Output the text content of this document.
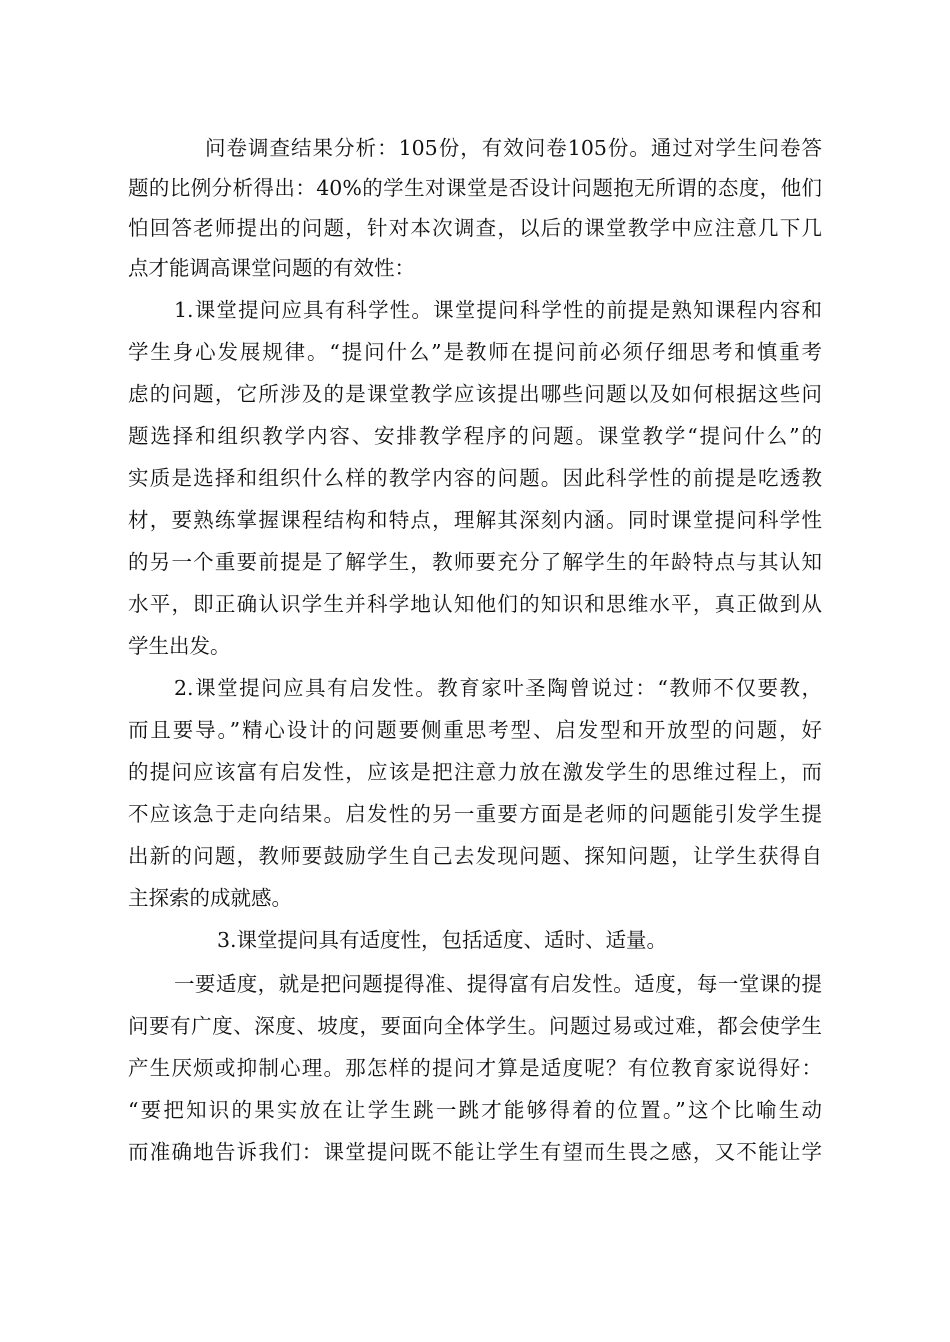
问卷调查结果分析：105份，有效问卷105份。通过对学生问卷答
题的比例分析得出：40%的学生对课堂是否设计问题抱无所谓的态度，他们
怕回答老师提出的问题，针对本次调查，以后的课堂教学中应注意几下几
点才能调高课堂问题的有效性：
1.课堂提问应具有科学性。课堂提问科学性的前提是熟知课程内容和
学生身心发展规律。“提问什么”是教师在提问前必须仔细思考和慎重考
虑的问题，它所涉及的是课堂教学应该提出哪些问题以及如何根据这些问
题选择和组织教学内容、安排教学程序的问题。课堂教学“提问什么”的
实质是选择和组织什么样的教学内容的问题。因此科学性的前提是吃透教
材，要熟练掌握课程结构和特点，理解其深刻内涵。同时课堂提问科学性
的另一个重要前提是了解学生，教师要充分了解学生的年龄特点与其认知
水平，即正确认识学生并科学地认知他们的知识和思维水平，真正做到从
学生出发。
2.课堂提问应具有启发性。教育家叶圣陶曾说过：“教师不仅要教，
而且要导。”精心设计的问题要侧重思考型、启发型和开放型的问题，好
的提问应该富有启发性，应该是把注意力放在激发学生的思维过程上，而
不应该急于走向结果。启发性的另一重要方面是老师的问题能引发学生提
出新的问题，教师要鼓励学生自己去发现问题、探知问题，让学生获得自
主探索的成就感。
3.课堂提问具有适度性，包括适度、适时、适量。
一要适度，就是把问题提得准、提得富有启发性。适度，每一堂课的提
问要有广度、深度、坡度，要面向全体学生。问题过易或过难，都会使学生
产生厌烦或抑制心理。那怎样的提问才算是适度呢？有位教育家说得好：
“要把知识的果实放在让学生跳一跳才能够得着的位置。”这个比喻生动
而准确地告诉我们：课堂提问既不能让学生有望而生畏之感，又不能让学
